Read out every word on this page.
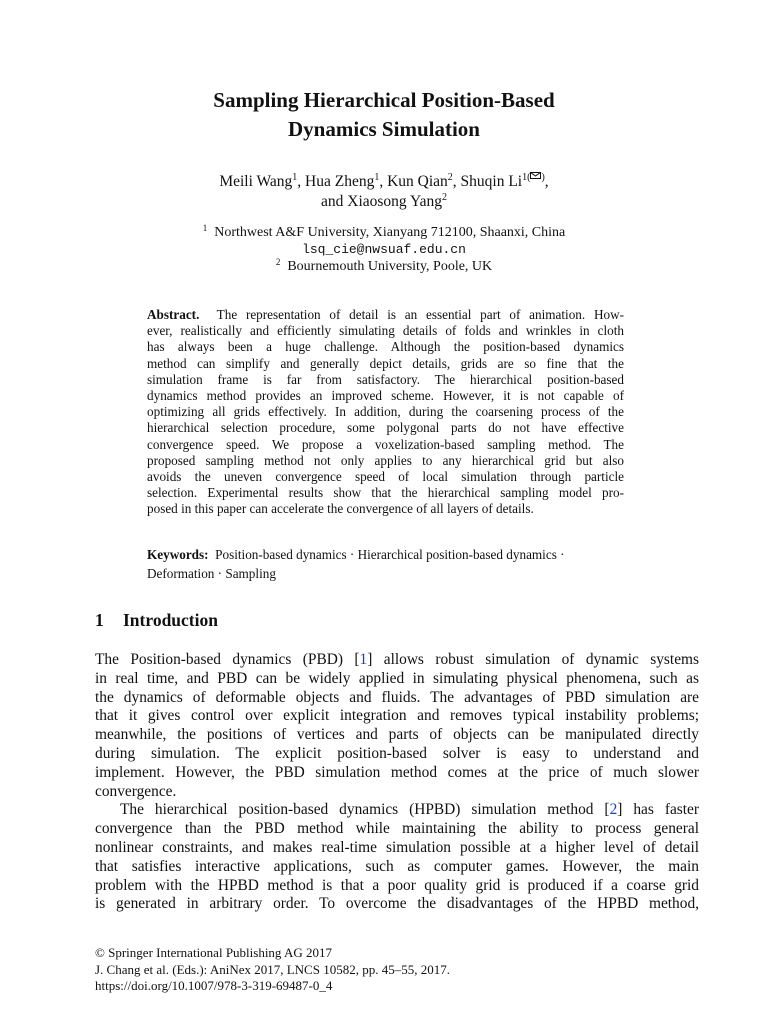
Sampling Hierarchical Position-Based
Dynamics Simulation
Meili Wang$^1$, Hua Zheng$^1$, Kun Qian$^2$, Shuqin $Li^{1( )}$,
and Xiaosong Yang$^2$
$^1$ Northwest A&F University, Xianyang 712100, Shaanxi, China
lsq_cie@nwsuaf.edu.cn
$^2$ Bournemouth University, Poole, UK
Abstract. The representation of detail is an essential part of animation. How-
ever, realistically and efficiently simulating details of folds and wrinkles in cloth
has always been a huge challenge. Although the position-based dynamics
method can simplify and generally depict details, grids are so fine that the
simulation frame is far from satisfactory. The hierarchical position-based
dynamics method provides an improved scheme. However, it is not capable of
optimizing all grids effectively. In addition, during the coarsening process of the
hierarchical selection procedure, some polygonal parts do not have effective
convergence speed. We propose a voxelization-based sampling method. The
proposed sampling method not only applies to any hierarchical grid but also
avoids the uneven convergence speed of local simulation through particle
selection. Experimental results show that the hierarchical sampling model pro-
posed in this paper can accelerate the convergence of all layers of details.
Keywords: Position-based dynamics · Hierarchical position-based dynamics ·
Deformation · Sampling
1 Introduction
The Position-based dynamics (PBD) [1] allows robust simulation of dynamic systems
in real time, and PBD can be widely applied in simulating physical phenomena, such as
the dynamics of deformable objects and fluids. The advantages of PBD simulation are
that it gives control over explicit integration and removes typical instability problems;
meanwhile, the positions of vertices and parts of objects can be manipulated directly
during simulation. The explicit position-based solver is easy to understand and
implement. However, the PBD simulation method comes at the price of much slower
convergence.
The hierarchical position-based dynamics (HPBD) simulation method [2] has faster
convergence than the PBD method while maintaining the ability to process general
nonlinear constraints, and makes real-time simulation possible at a higher level of detail
that satisfies interactive applications, such as computer games. However, the main
problem with the HPBD method is that a poor quality grid is produced if a coarse grid
is generated in arbitrary order. To overcome the disadvantages of the HPBD method,
© Springer International Publishing AG 2017
J. Chang et al. (Eds.): AniNex 2017, LNCS 10582, pp. 45–55, 2017.
https://doi.org/10.1007/978-3-319-69487-0_4
